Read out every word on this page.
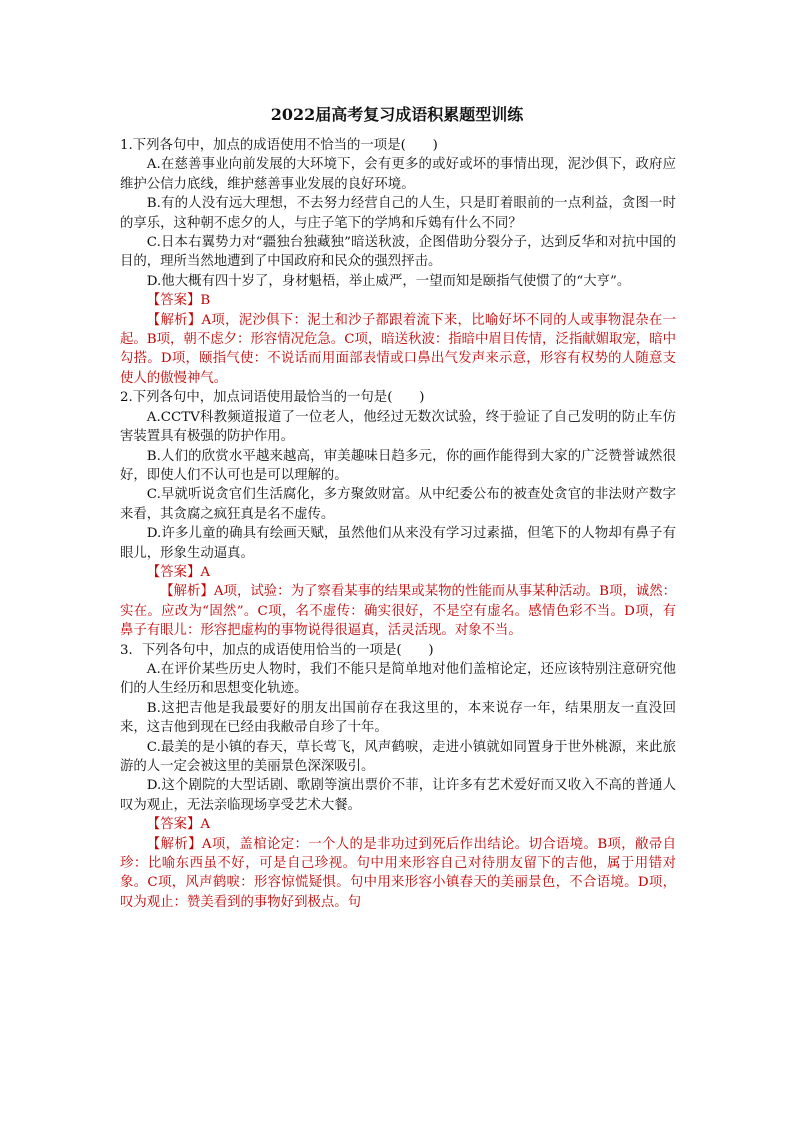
2022届高考复习成语积累题型训练

1.下列各句中，加点的成语使用不恰当的一项是(　　)

A.在慈善事业向前发展的大环境下，会有更多的或好或坏的事情出现，泥沙俱下，政府应维护公信力底线，维护慈善事业发展的良好环境。

B.有的人没有远大理想，不去努力经营自己的人生，只是盯着眼前的一点利益，贪图一时的享乐，这种朝不虑夕的人，与庄子笔下的学鸠和斥鴳有什么不同？

C.日本右翼势力对“疆独台独藏独”暗送秋波，企图借助分裂分子，达到反华和对抗中国的目的，理所当然地遭到了中国政府和民众的强烈抨击。

D.他大概有四十岁了，身材魁梧，举止威严，一望而知是颐指气使惯了的“大亨”。

【答案】B

【解析】A项，泥沙俱下：泥土和沙子都跟着流下来，比喻好坏不同的人或事物混杂在一起。B项，朝不虑夕：形容情况危急。C项，暗送秋波：指暗中眉目传情，泛指献媚取宠，暗中勾搭。D项，颐指气使：不说话而用面部表情或口鼻出气发声来示意，形容有权势的人随意支使人的傲慢神气。

2.下列各句中，加点词语使用最恰当的一句是(　　)

A.CCTV科教频道报道了一位老人，他经过无数次试验，终于验证了自己发明的防止车仿害装置具有极强的防护作用。

B.人们的欣赏水平越来越高，审美趣味日趋多元，你的画作能得到大家的广泛赞誉诚然很好，即使人们不认可也是可以理解的。

C.早就听说贪官们生活腐化，多方聚敛财富。从中纪委公布的被查处贪官的非法财产数字来看，其贪腐之疯狂真是名不虚传。

D.许多儿童的确具有绘画天赋，虽然他们从来没有学习过素描，但笔下的人物却有鼻子有眼儿，形象生动逼真。

【答案】A

【解析】A项，试验：为了察看某事的结果或某物的性能而从事某种活动。B项，诚然：实在。应改为“固然”。C项，名不虚传：确实很好，不是空有虚名。感情色彩不当。D项，有鼻子有眼儿：形容把虚构的事物说得很逼真，活灵活现。对象不当。

3．下列各句中，加点的成语使用恰当的一项是(　　)

A.在评价某些历史人物时，我们不能只是简单地对他们盖棺论定，还应该特别注意研究他们的人生经历和思想变化轨迹。

B.这把吉他是我最要好的朋友出国前存在我这里的，本来说存一年，结果朋友一直没回来，这吉他到现在已经由我敝帚自珍了十年。

C.最美的是小镇的春天，草长莺飞，风声鹤唳，走进小镇就如同置身于世外桃源，来此旅游的人一定会被这里的美丽景色深深吸引。

D.这个剧院的大型话剧、歌剧等演出票价不菲，让许多有艺术爱好而又收入不高的普通人叹为观止，无法亲临现场享受艺术大餐。

【答案】A

【解析】A项，盖棺论定：一个人的是非功过到死后作出结论。切合语境。B项，敝帚自珍：比喻东西虽不好，可是自己珍视。句中用来形容自己对待朋友留下的吉他，属于用错对象。C项，风声鹤唳：形容惊慌疑惧。句中用来形容小镇春天的美丽景色，不合语境。D项，叹为观止：赞美看到的事物好到极点。句
